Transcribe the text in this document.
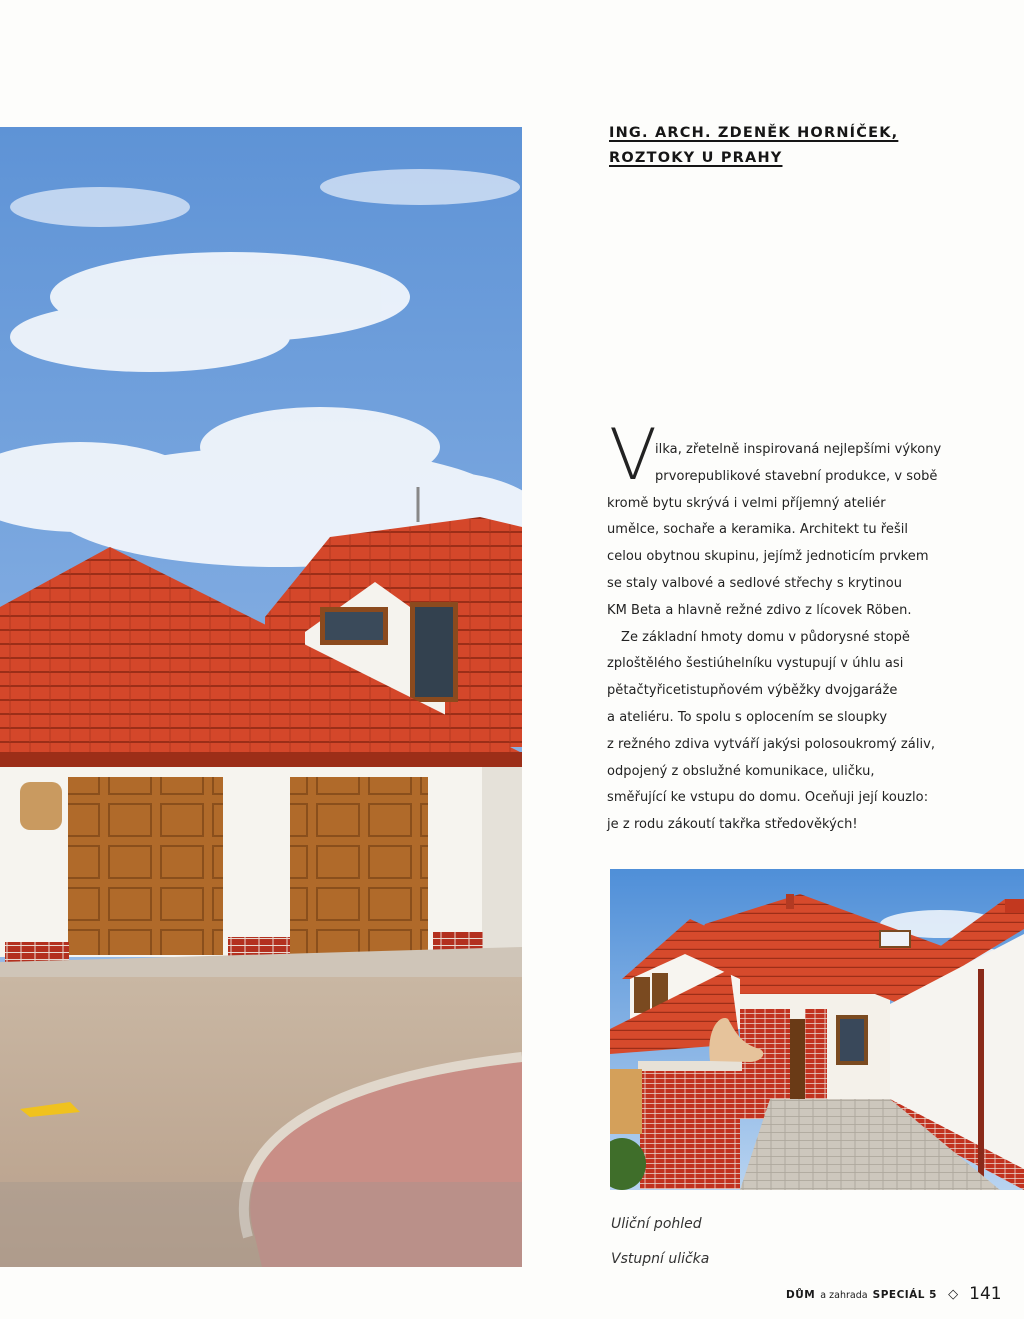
ING. ARCH. ZDENĚK HORNÍČEK,
ROZTOKY U PRAHY
V
ilka, zřetelně inspirovaná nejlepšími výkony
prvorepublikové stavební produkce, v sobě
kromě bytu skrývá i velmi příjemný ateliér
umělce, sochaře a keramika. Architekt tu řešil
celou obytnou skupinu, jejímž jednoticím prvkem
se staly valbové a sedlové střechy s krytinou
KM Beta a hlavně režné zdivo z lícovek Röben.
Ze základní hmoty domu v půdorysné stopě
zploštělého šestiúhelníku vystupují v úhlu asi
pětačtyřicetistupňovém výběžky dvojgaráže
a ateliéru. To spolu s oplocením se sloupky
z režného zdiva vytváří jakýsi polosoukromý záliv,
odpojený z obslužné komunikace, uličku,
směřující ke vstupu do domu. Oceňuji její kouzlo:
je z rodu zákoutí takřka středověkých!
Uliční pohled
Vstupní ulička
DŮM a zahrada SPECIÁL 5 ◇ 141
